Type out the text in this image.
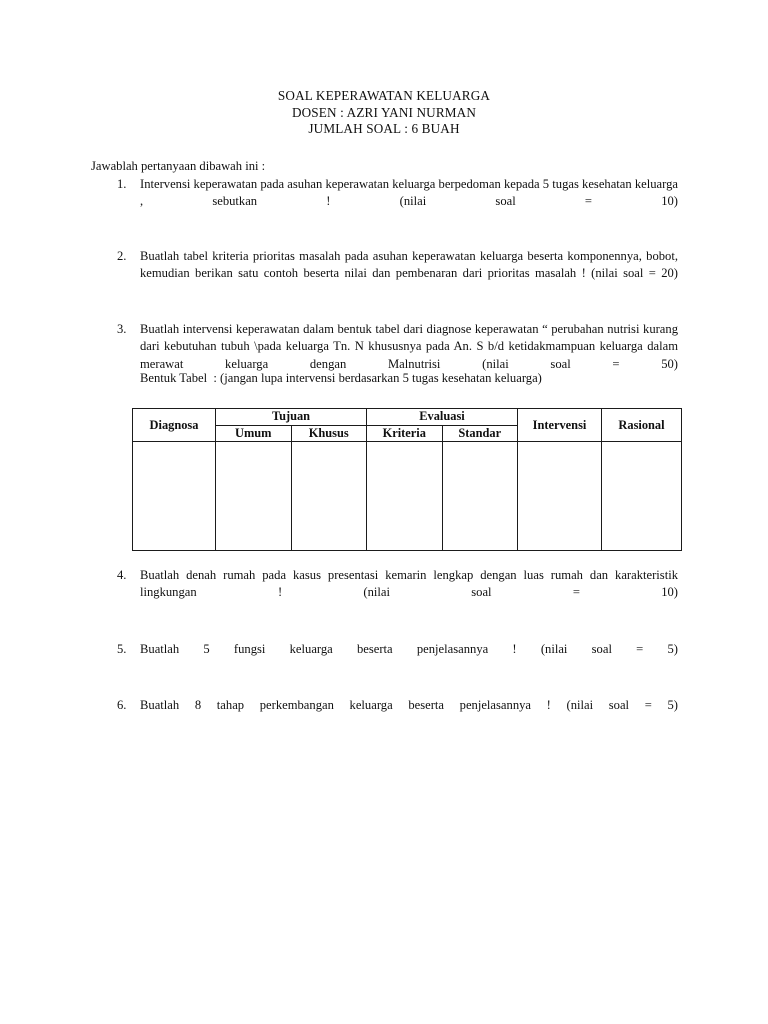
SOAL KEPERAWATAN KELUARGA
DOSEN : AZRI YANI NURMAN
JUMLAH SOAL : 6 BUAH
Jawablah pertanyaan dibawah ini :
1.	Intervensi keperawatan pada asuhan keperawatan keluarga berpedoman kepada 5 tugas kesehatan keluarga , sebutkan ! (nilai soal = 10)
2.	Buatlah tabel kriteria prioritas masalah pada asuhan keperawatan keluarga beserta komponennya, bobot, kemudian berikan satu contoh beserta nilai dan pembenaran dari prioritas masalah ! (nilai soal = 20)
3.	Buatlah intervensi keperawatan dalam bentuk tabel dari diagnose keperawatan “ perubahan nutrisi kurang dari kebutuhan tubuh \pada keluarga Tn. N khususnya pada An. S b/d ketidakmampuan keluarga dalam merawat keluarga dengan Malnutrisi (nilai soal = 50)
Bentuk Tabel  : (jangan lupa intervensi berdasarkan 5 tugas kesehatan keluarga)
Diagnosa	Tujuan		Evaluasi		Intervensi	Rasional
	Umum	Khusus	Kriteria	Standar		

4.	Buatlah denah rumah pada kasus presentasi kemarin lengkap dengan luas rumah dan karakteristik lingkungan ! (nilai soal = 10)
5.	Buatlah 5 fungsi keluarga beserta penjelasannya ! (nilai soal = 5)
6.	Buatlah 8 tahap perkembangan keluarga beserta penjelasannya ! (nilai soal = 5)
